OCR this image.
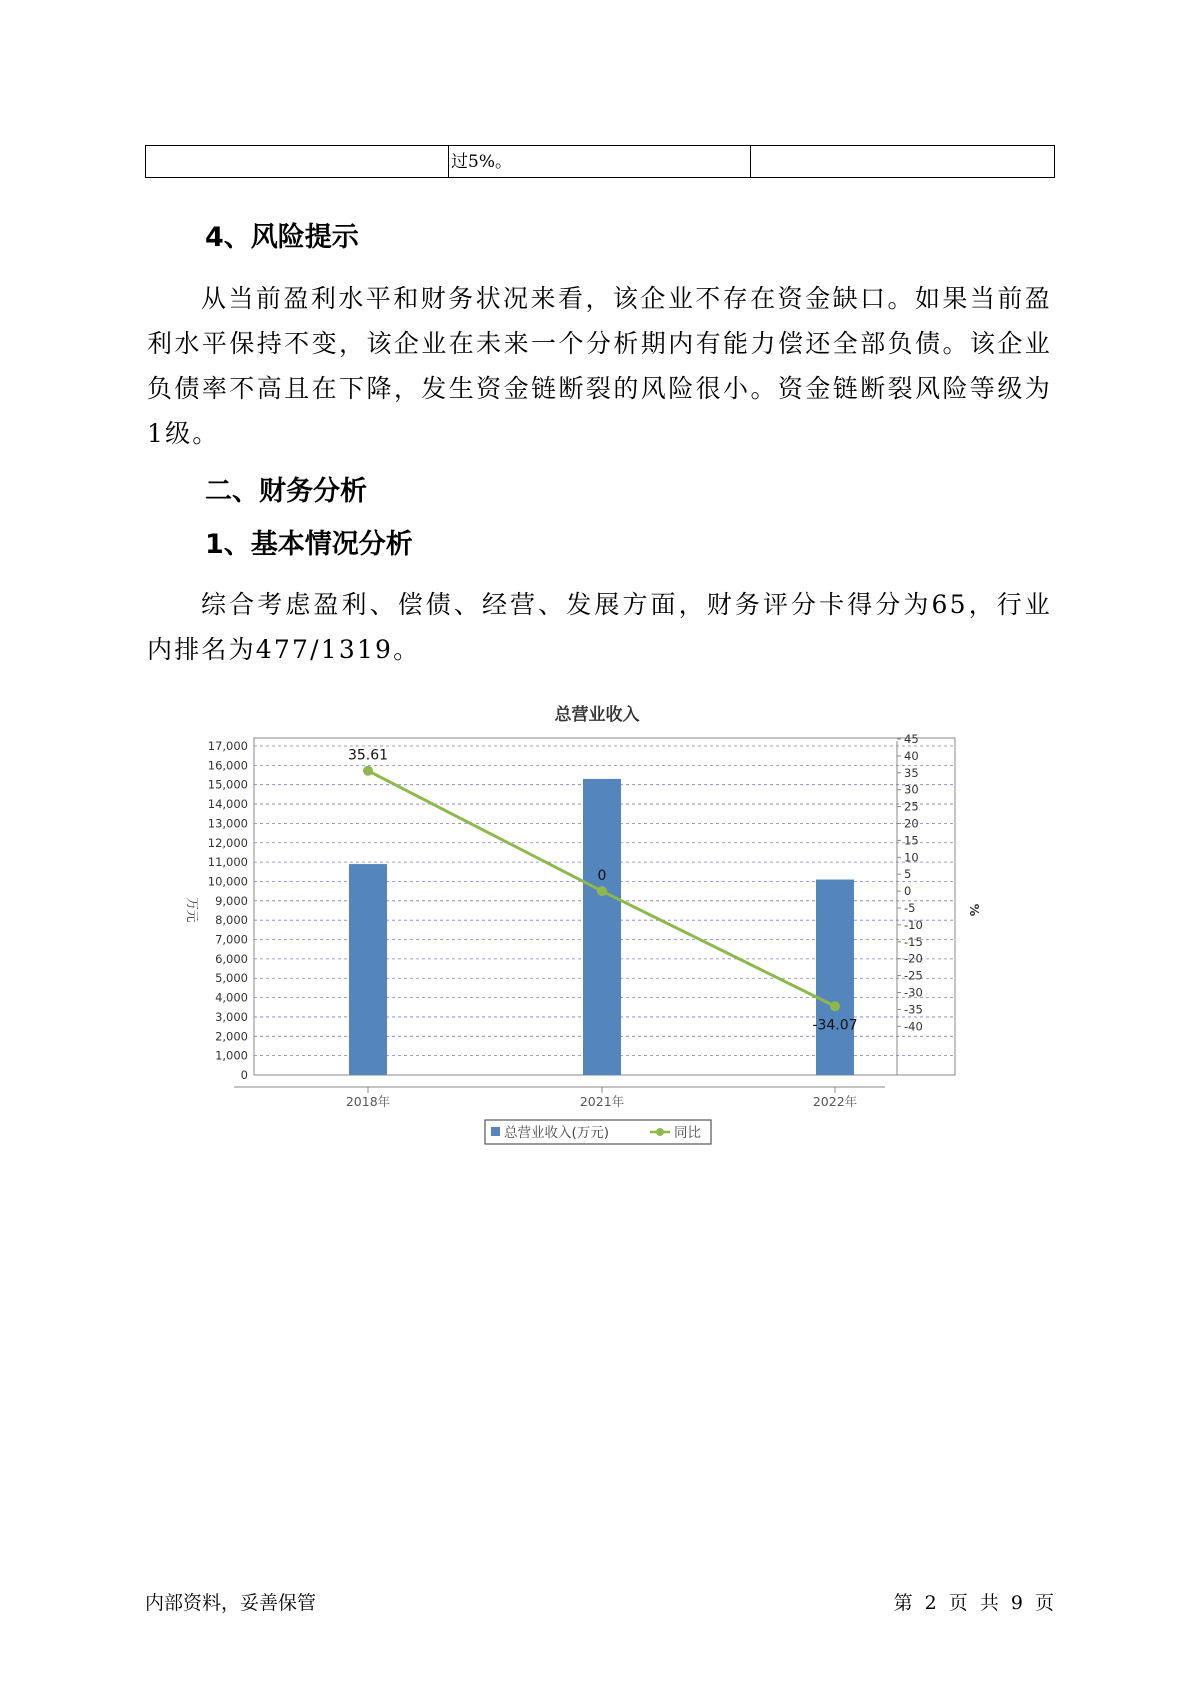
过5%。
4、风险提示

从当前盈利水平和财务状况来看，该企业不存在资金缺口。如果当前盈利水平保持不变，该企业在未来一个分析期内有能力偿还全部负债。该企业负债率不高且在下降，发生资金链断裂的风险很小。资金链断裂风险等级为1级。

二、财务分析
1、基本情况分析

综合考虑盈利、偿债、经营、发展方面，财务评分卡得分为65，行业内排名为477/1319。

总营业收入
17,000
16,000
15,000
14,000
13,000
12,000
11,000
10,000
9,000
8,000
7,000
6,000
5,000
4,000
3,000
2,000
1,000
0
45
40
35
30
25
20
15
10
5
0
-5
-10
-15
-20
-25
-30
-35
-40
2018年	2021年	2022年
万元	%
35.61
0
-34.07
总营业收入(万元)	同比
内部资料，妥善保管	第 2 页 共 9 页
